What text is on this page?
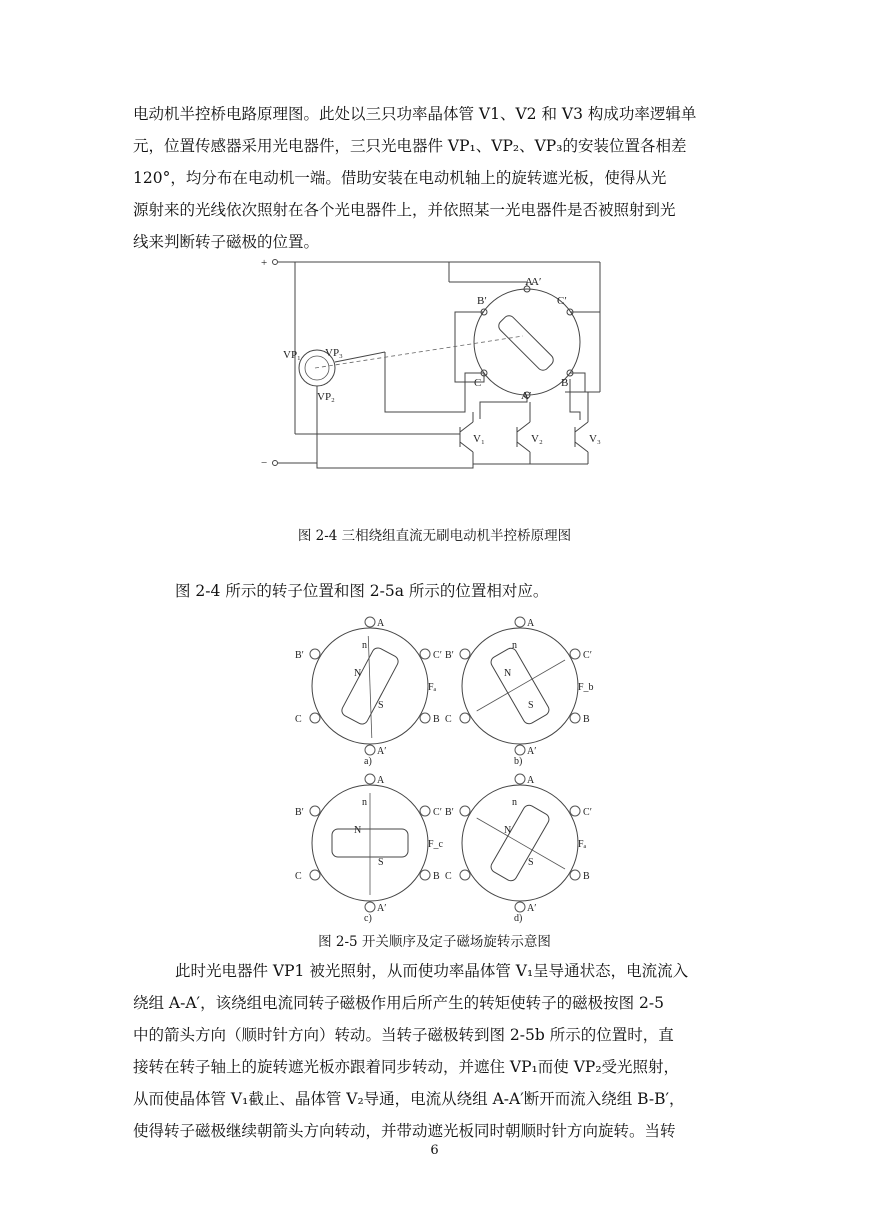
电动机半控桥电路原理图。此处以三只功率晶体管 V1、V2 和 V3 构成功率逻辑单
元，位置传感器采用光电器件，三只光电器件 VP₁、VP₂、VP₃的安装位置各相差
120°，均分布在电动机一端。借助安装在电动机轴上的旋转遮光板，使得从光
源射来的光线依次照射在各个光电器件上，并依照某一光电器件是否被照射到光
线来判断转子磁极的位置。
+
A
A′
B′	C′
C	B
A′
VP₁ VP₃
VP₂
V₁	V₂	V₃
−
图 2-4 三相绕组直流无刷电动机半控桥原理图
图 2-4 所示的转子位置和图 2-5a 所示的位置相对应。
A
A′
B′	C′
C	B
N
S
n
Fₐ
a)
A
A′
B′	C′
C	B
N
S
n
F_b
b)
A
A′
B′	C′
C	B
N
S
n
F_c
c)
A
A′
B′	C′
C	B
N
S
n
Fₐ
d)
图 2-5 开关顺序及定子磁场旋转示意图
此时光电器件 VP1 被光照射，从而使功率晶体管 V₁呈导通状态，电流流入
绕组 A-A′，该绕组电流同转子磁极作用后所产生的转矩使转子的磁极按图 2-5
中的箭头方向（顺时针方向）转动。当转子磁极转到图 2-5b 所示的位置时，直
接转在转子轴上的旋转遮光板亦跟着同步转动，并遮住 VP₁而使 VP₂受光照射，
从而使晶体管 V₁截止、晶体管 V₂导通，电流从绕组 A-A′断开而流入绕组 B-B′，
使得转子磁极继续朝箭头方向转动，并带动遮光板同时朝顺时针方向旋转。当转
6
